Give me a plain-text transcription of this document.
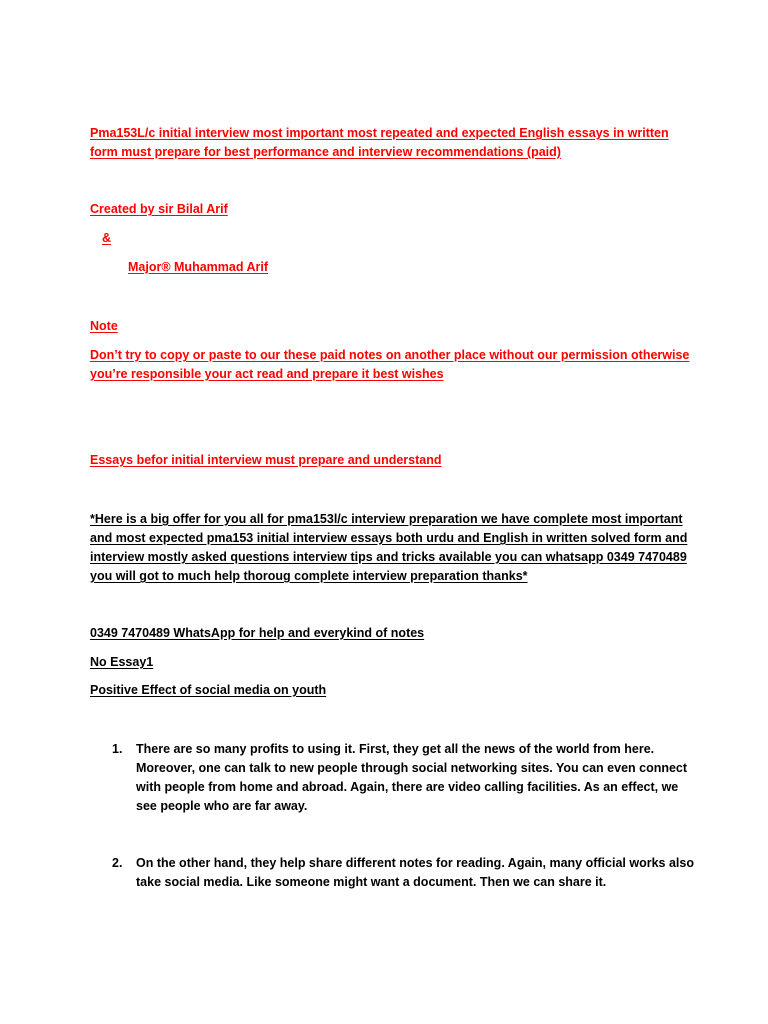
Pma153L/c initial interview most important most repeated and expected English essays in written form must prepare for best performance and interview recommendations (paid)

Created by sir Bilal Arif

&

Major® Muhammad Arif

Note

Don’t try to copy or paste to our these paid notes on another place without our permission otherwise you’re responsible your act read and prepare it best wishes

Essays befor initial interview must prepare and understand

*Here is a big offer for you all for pma153l/c interview preparation we have complete most important and most expected pma153 initial interview essays both urdu and English in written solved form and interview mostly asked questions interview tips and tricks available you can whatsapp 0349 7470489 you will got to much help thoroug complete interview preparation thanks*

0349 7470489 WhatsApp for help and everykind of notes

No Essay1

Positive Effect of social media on youth

1. There are so many profits to using it. First, they get all the news of the world from here. Moreover, one can talk to new people through social networking sites. You can even connect with people from home and abroad. Again, there are video calling facilities. As an effect, we see people who are far away.

2. On the other hand, they help share different notes for reading. Again, many official works also take social media. Like someone might want a document. Then we can share it.
